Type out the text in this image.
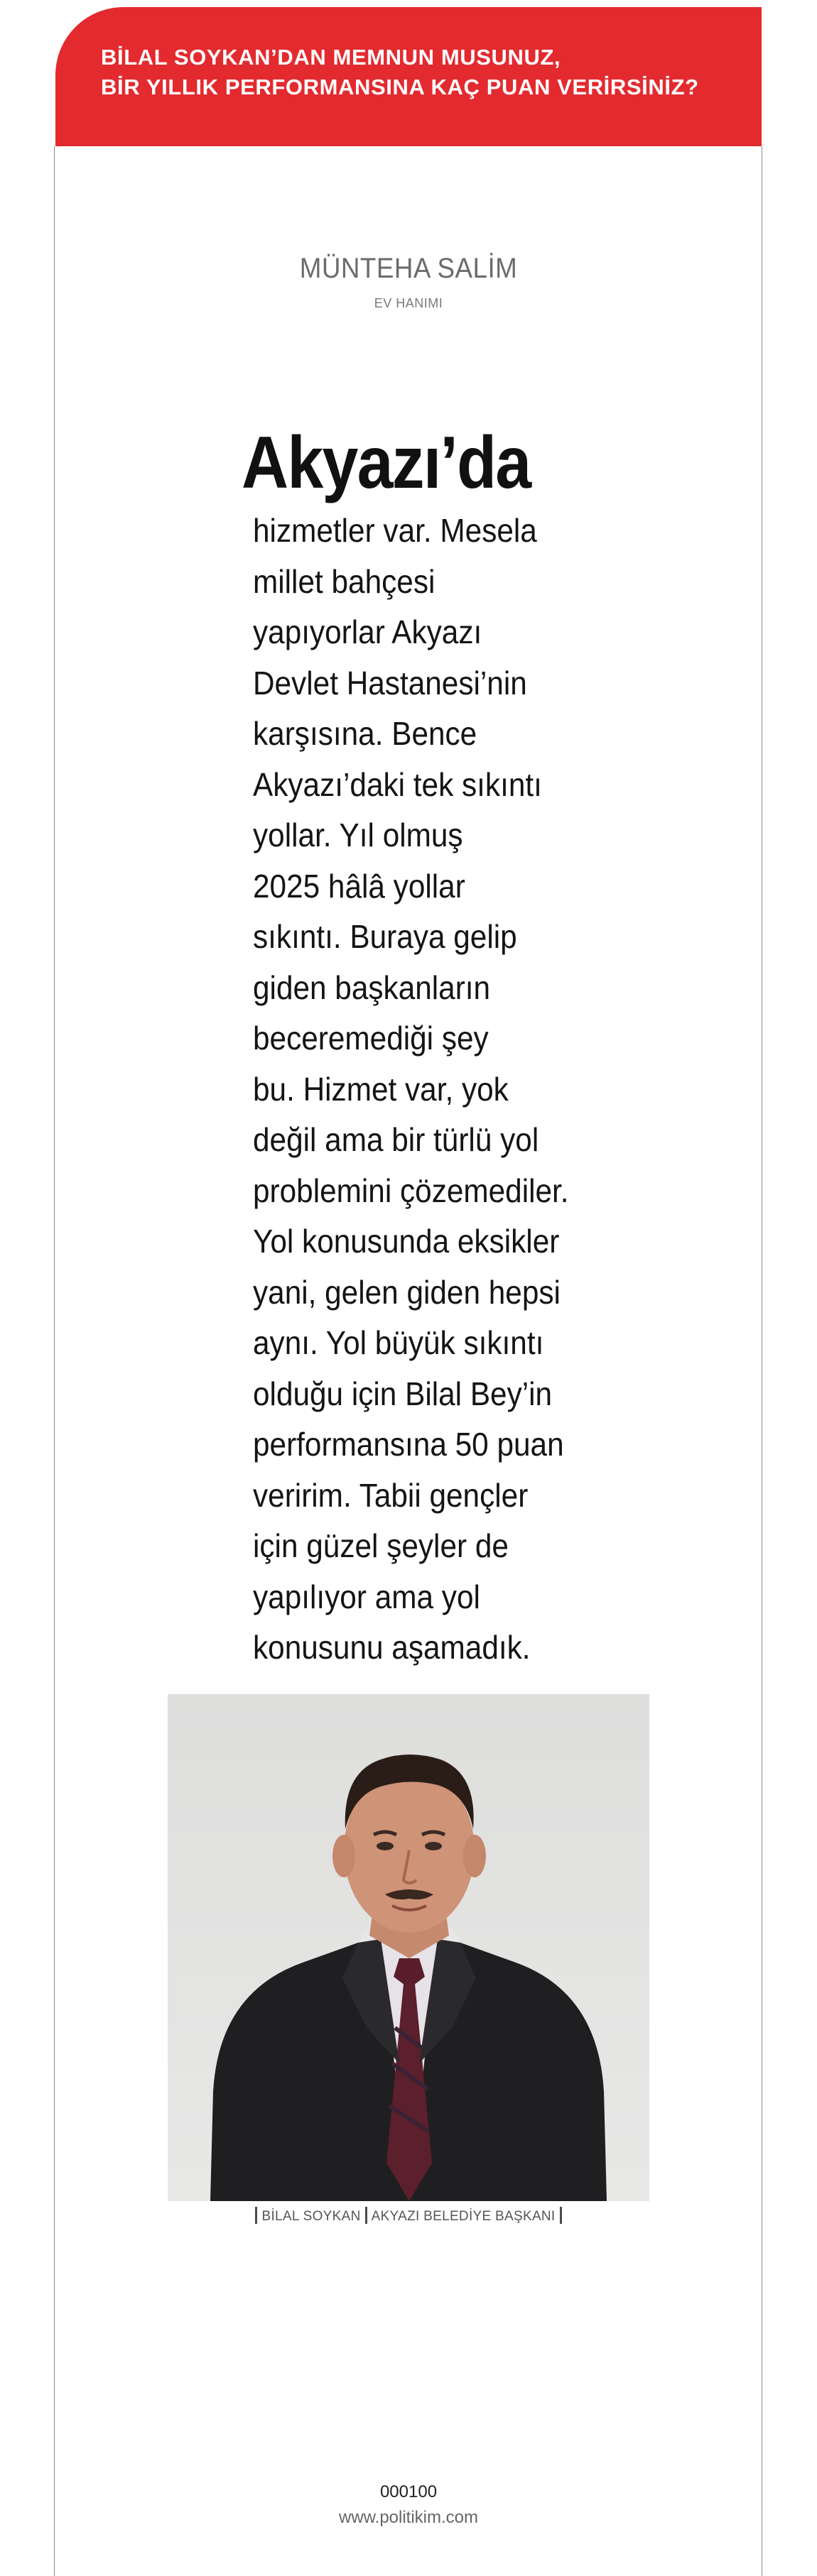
BİLAL SOYKAN’DAN MEMNUN MUSUNUZ,
BİR YILLIK PERFORMANSINA KAÇ PUAN VERİRSİNİZ?
MÜNTEHA SALİM
EV HANIMI
Akyazı’da
hizmetler var. Mesela
millet bahçesi
yapıyorlar Akyazı
Devlet Hastanesi’nin
karşısına. Bence
Akyazı’daki tek sıkıntı
yollar. Yıl olmuş
2025 hâlâ yollar
sıkıntı. Buraya gelip
giden başkanların
beceremediği şey
bu. Hizmet var, yok
değil ama bir türlü yol
problemini çözemediler.
Yol konusunda eksikler
yani, gelen giden hepsi
aynı. Yol büyük sıkıntı
olduğu için Bilal Bey’in
performansına 50 puan
veririm. Tabii gençler
için güzel şeyler de
yapılıyor ama yol
konusunu aşamadık.
BİLAL SOYKAN AKYAZI BELEDİYE BAŞKANI
000100
www.politikim.com
